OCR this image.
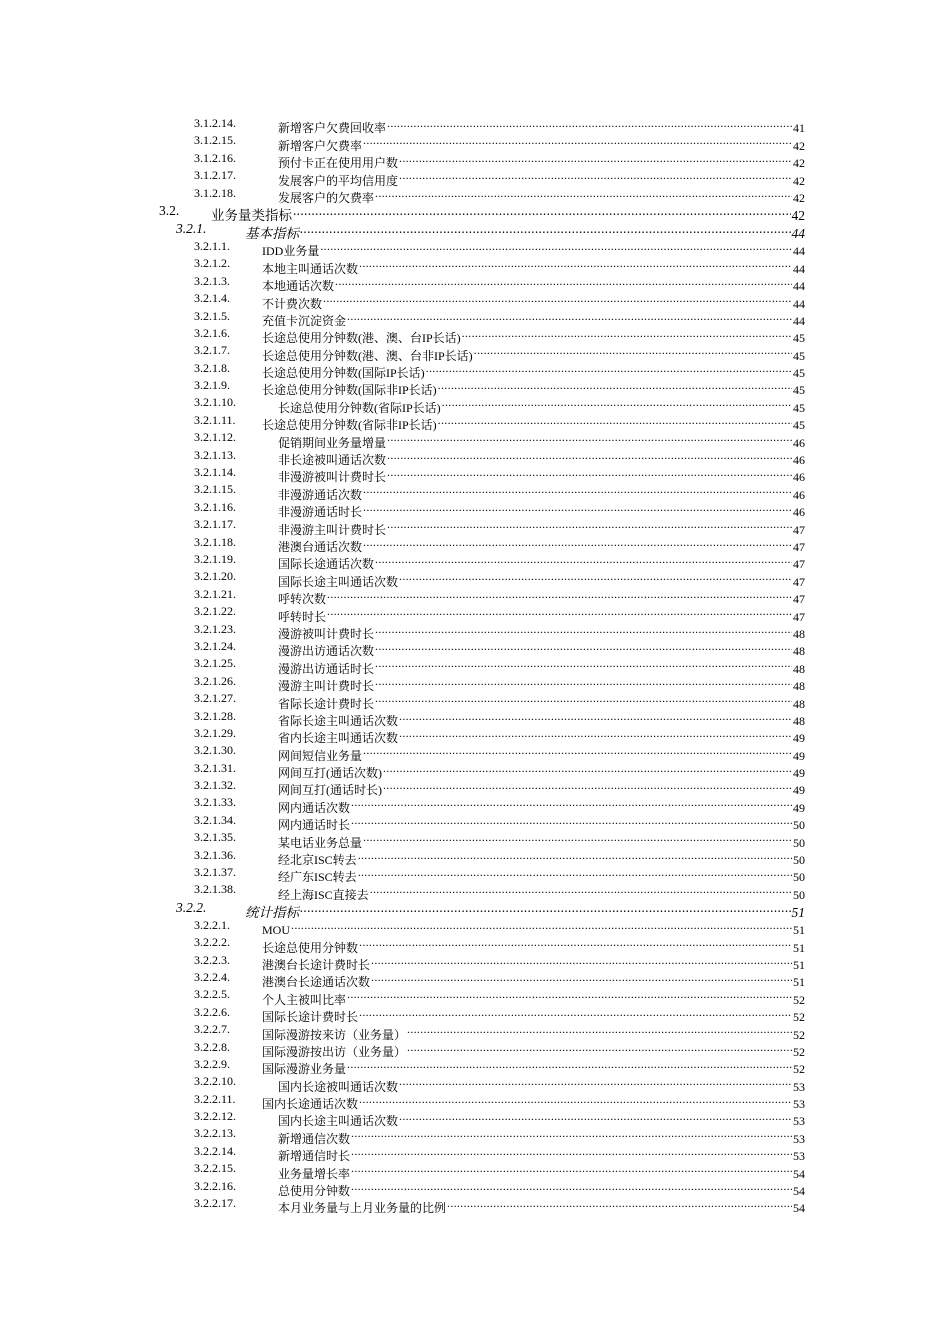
3.1.2.14.	新增客户欠费回收率 .....	41
3.1.2.15.	新增客户欠费率 .....	42
3.1.2.16.	预付卡正在使用用户数 .....	42
3.1.2.17.	发展客户的平均信用度 .....	42
3.1.2.18.	发展客户的欠费率 .....	42
3.2. 业务量类指标 .....	42
3.2.1.	基本指标 .....	44
3.2.1.1.	IDD业务量 .....	44
3.2.1.2.	本地主叫通话次数 .....	44
3.2.1.3.	本地通话次数 .....	44
3.2.1.4.	不计费次数 .....	44
3.2.1.5.	充值卡沉淀资金 .....	44
3.2.1.6.	长途总使用分钟数(港、澳、台IP长话) .....	45
3.2.1.7.	长途总使用分钟数(港、澳、台非IP长话) .....	45
3.2.1.8.	长途总使用分钟数(国际IP长话) .....	45
3.2.1.9.	长途总使用分钟数(国际非IP长话) .....	45
3.2.1.10.	长途总使用分钟数(省际IP长话) .....	45
3.2.1.11. 长途总使用分钟数(省际非IP长话) .....	45
3.2.1.12.	促销期间业务量增量 .....	46
3.2.1.13.	非长途被叫通话次数 .....	46
3.2.1.14.	非漫游被叫计费时长 .....	46
3.2.1.15.	非漫游通话次数 .....	46
3.2.1.16.	非漫游通话时长 .....	46
3.2.1.17.	非漫游主叫计费时长 .....	47
3.2.1.18.	港澳台通话次数 .....	47
3.2.1.19.	国际长途通话次数 .....	47
3.2.1.20.	国际长途主叫通话次数 .....	47
3.2.1.21.	呼转次数 .....	47
3.2.1.22.	呼转时长 .....	47
3.2.1.23.	漫游被叫计费时长 .....	48
3.2.1.24.	漫游出访通话次数 .....	48
3.2.1.25.	漫游出访通话时长 .....	48
3.2.1.26.	漫游主叫计费时长 .....	48
3.2.1.27.	省际长途计费时长 .....	48
3.2.1.28.	省际长途主叫通话次数 .....	48
3.2.1.29.	省内长途主叫通话次数 .....	49
3.2.1.30.	网间短信业务量 .....	49
3.2.1.31.	网间互打(通话次数) .....	49
3.2.1.32.	网间互打(通话时长) .....	49
3.2.1.33.	网内通话次数 .....	49
3.2.1.34.	网内通话时长 .....	50
3.2.1.35.	某电话业务总量 .....	50
3.2.1.36.	经北京ISC转去 .....	50
3.2.1.37.	经广东ISC转去 .....	50
3.2.1.38.	经上海ISC直接去 .....	50
3.2.2.	统计指标 .....	51
3.2.2.1.	MOU .....	51
3.2.2.2.	长途总使用分钟数 .....	51
3.2.2.3.	港澳台长途计费时长 .....	51
3.2.2.4.	港澳台长途通话次数 .....	51
3.2.2.5.	个人主被叫比率 .....	52
3.2.2.6.	国际长途计费时长 .....	52
3.2.2.7.	国际漫游按来访（业务量） .....	52
3.2.2.8.	国际漫游按出访（业务量） .....	52
3.2.2.9.	国际漫游业务量 .....	52
3.2.2.10.	国内长途被叫通话次数 .....	53
3.2.2.11. 国内长途通话次数 .....	53
3.2.2.12.	国内长途主叫通话次数 .....	53
3.2.2.13.	新增通信次数 .....	53
3.2.2.14.	新增通信时长 .....	53
3.2.2.15.	业务量增长率 .....	54
3.2.2.16.	总使用分钟数 .....	54
3.2.2.17.	本月业务量与上月业务量的比例 .....	54
